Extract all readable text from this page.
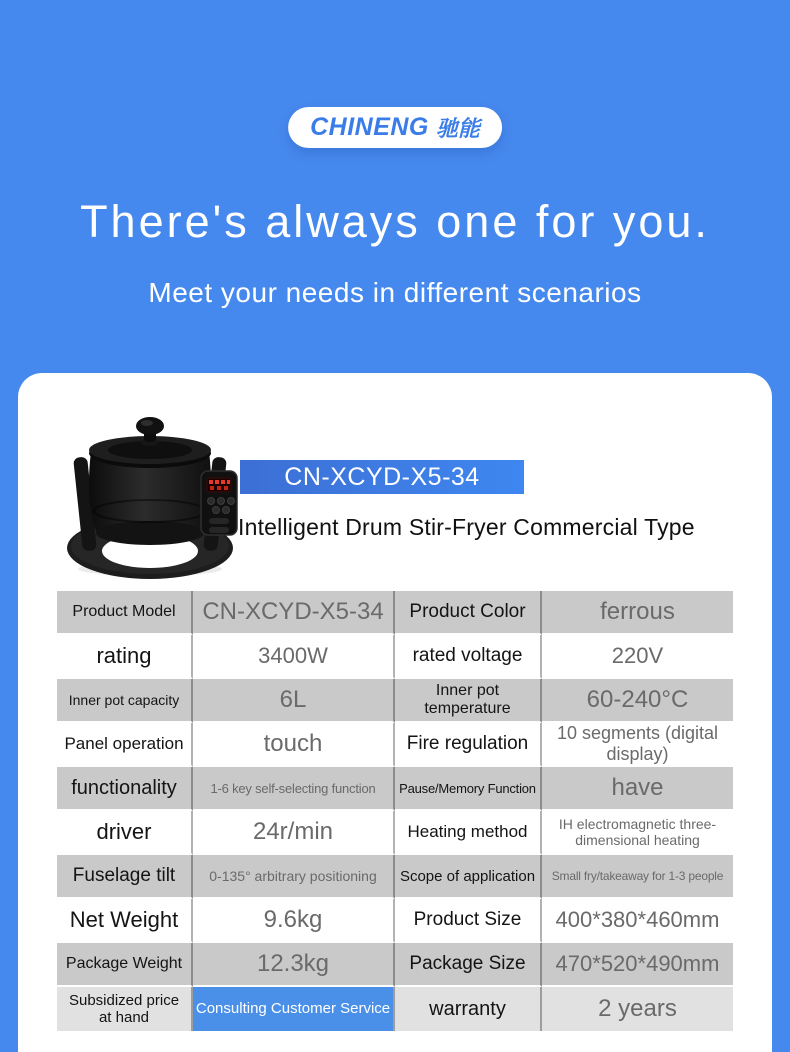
CHINENG 驰能
There's always one for you.
Meet your needs in different scenarios
CN-XCYD-X5-34
Intelligent Drum Stir-Fryer Commercial Type
Product Model	CN-XCYD-X5-34	Product Color	ferrous
rating	3400W	rated voltage	220V
Inner pot capacity	6L	Inner pot temperature	60-240°C
Panel operation	touch	Fire regulation	10 segments (digital display)
functionality	1-6 key self-selecting function	Pause/Memory Function	have
driver	24r/min	Heating method	IH electromagnetic three-dimensional heating
Fuselage tilt	0-135° arbitrary positioning	Scope of application	Small fry/takeaway for 1-3 people
Net Weight	9.6kg	Product Size	400*380*460mm
Package Weight	12.3kg	Package Size	470*520*490mm
Subsidized price at hand	Consulting Customer Service	warranty	2 years
